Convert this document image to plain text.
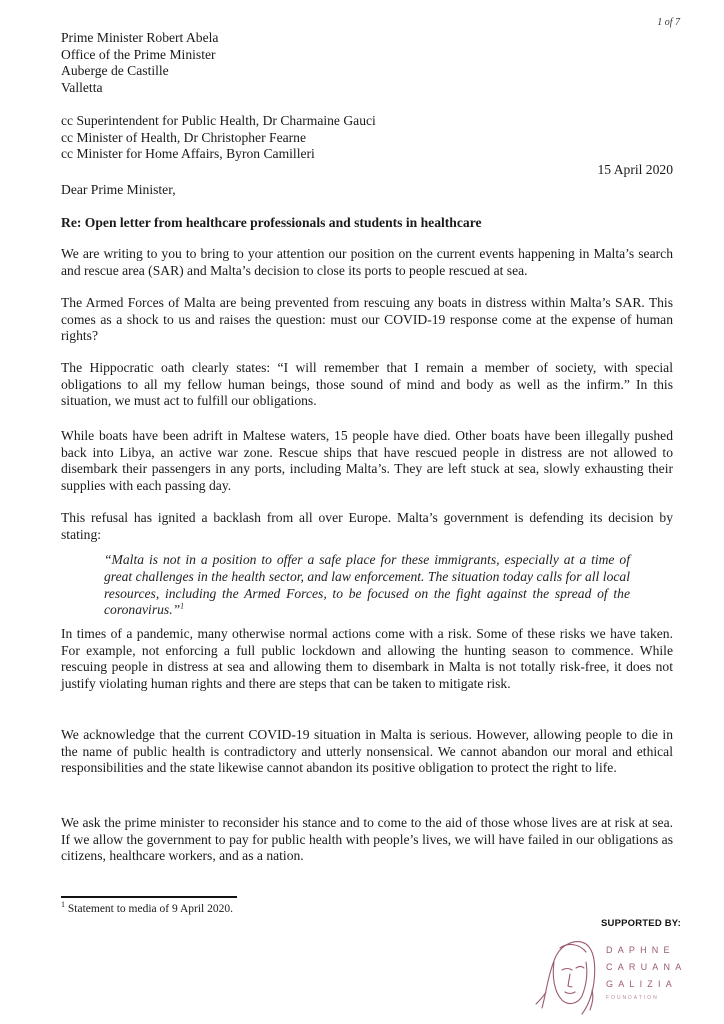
1 of 7
Prime Minister Robert Abela
Office of the Prime Minister
Auberge de Castille
Valletta
cc Superintendent for Public Health, Dr Charmaine Gauci
cc Minister of Health, Dr Christopher Fearne
cc Minister for Home Affairs, Byron Camilleri
15 April 2020
Dear Prime Minister,
Re: Open letter from healthcare professionals and students in healthcare
We are writing to you to bring to your attention our position on the current events happening in Malta’s search and rescue area (SAR) and Malta’s decision to close its ports to people rescued at sea.
The Armed Forces of Malta are being prevented from rescuing any boats in distress within Malta’s SAR. This comes as a shock to us and raises the question: must our COVID-19 response come at the expense of human rights?
The Hippocratic oath clearly states: “I will remember that I remain a member of society, with special obligations to all my fellow human beings, those sound of mind and body as well as the infirm.” In this situation, we must act to fulfill our obligations.
While boats have been adrift in Maltese waters, 15 people have died. Other boats have been illegally pushed back into Libya, an active war zone. Rescue ships that have rescued people in distress are not allowed to disembark their passengers in any ports, including Malta’s. They are left stuck at sea, slowly exhausting their supplies with each passing day.
This refusal has ignited a backlash from all over Europe. Malta’s government is defending its decision by stating:
“Malta is not in a position to offer a safe place for these immigrants, especially at a time of great challenges in the health sector, and law enforcement. The situation today calls for all local resources, including the Armed Forces, to be focused on the fight against the spread of the coronavirus.”$^1$
In times of a pandemic, many otherwise normal actions come with a risk. Some of these risks we have taken. For example, not enforcing a full public lockdown and allowing the hunting season to commence. While rescuing people in distress at sea and allowing them to disembark in Malta is not totally risk-free, it does not justify violating human rights and there are steps that can be taken to mitigate risk.
We acknowledge that the current COVID-19 situation in Malta is serious. However, allowing people to die in the name of public health is contradictory and utterly nonsensical. We cannot abandon our moral and ethical responsibilities and the state likewise cannot abandon its positive obligation to protect the right to life.
We ask the prime minister to reconsider his stance and to come to the aid of those whose lives are at risk at sea. If we allow the government to pay for public health with people’s lives, we will have failed in our obligations as citizens, healthcare workers, and as a nation.
$^1$ Statement to media of 9 April 2020.
SUPPORTED BY:
DAPHNE
CARUANA
GALIZIA
FOUNDATION
